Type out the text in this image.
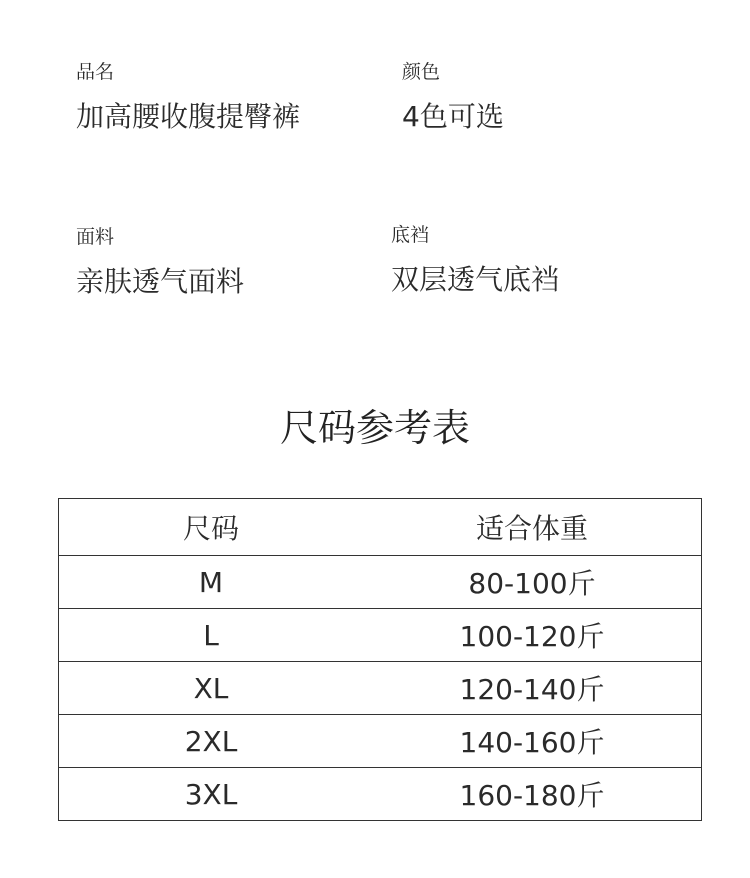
品名
加高腰收腹提臀裤
颜色
4色可选
面料
亲肤透气面料
底裆
双层透气底裆
尺码参考表
尺码	适合体重
M	80-100斤
L	100-120斤
XL	120-140斤
2XL	140-160斤
3XL	160-180斤
